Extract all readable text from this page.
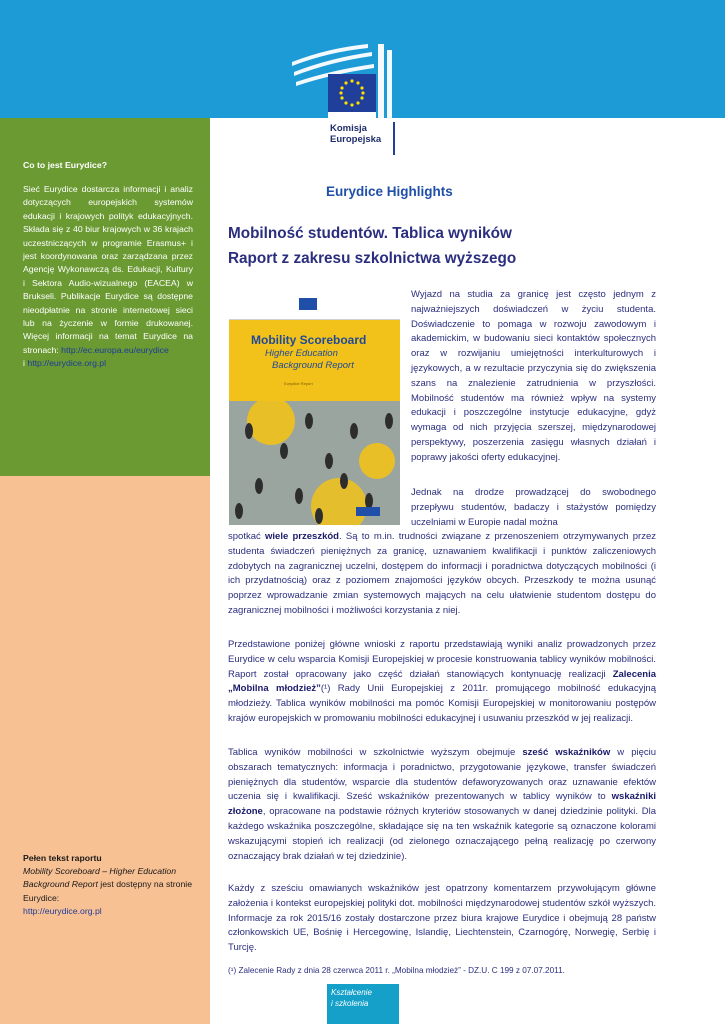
Komisja
Europejska
Co to jest Eurydice?
Sieć Eurydice dostarcza informacji i analiz dotyczących europejskich systemów edukacji i krajowych polityk edukacyjnych. Składa się z 40 biur krajowych w 36 krajach uczestniczących w programie Erasmus+ i jest koordynowana oraz zarządzana przez Agencję Wykonawczą ds. Edukacji, Kultury i Sektora Audio-wizualnego (EACEA) w Brukseli. Publikacje Eurydice są dostępne nieodpłatnie na stronie internetowej sieci lub na życzenie w formie drukowanej. Więcej informacji na temat Eurydice na stronach: http://ec.europa.eu/eurydice
i http://eurydice.org.pl
Pełen tekst raportu
Mobility Scoreboard – Higher Education Background Report jest dostępny na stronie Eurydice:
http://eurydice.org.pl
Eurydice Highlights
Mobilność studentów. Tablica wyników
Raport z zakresu szkolnictwa wyższego
Mobility Scoreboard
Higher Education
Background Report
Eurydice Report
Wyjazd na studia za granicę jest często jednym z najważniejszych doświadczeń w życiu studenta. Doświadczenie to pomaga w rozwoju zawodowym i akademickim, w budowaniu sieci kontaktów społecznych oraz w rozwijaniu umiejętności interkulturowych i językowych, a w rezultacie przyczynia się do zwiększenia szans na znalezienie zatrudnienia w przyszłości. Mobilność studentów ma również wpływ na systemy edukacji i poszczególne instytucje edukacyjne, gdyż wymaga od nich przyjęcia szerszej, międzynarodowej perspektywy, poszerzenia zasięgu własnych działań i poprawy jakości oferty edukacyjnej.
Jednak na drodze prowadzącej do swobodnego przepływu studentów, badaczy i stażystów pomiędzy uczelniami w Europie nadal można
spotkać wiele przeszkód. Są to m.in. trudności związane z przenoszeniem otrzymywanych przez studenta świadczeń pieniężnych za granicę, uznawaniem kwalifikacji i punktów zaliczeniowych zdobytych na zagranicznej uczelni, dostępem do informacji i poradnictwa dotyczących mobilności (i ich przydatnością) oraz z poziomem znajomości języków obcych. Przeszkody te można usunąć poprzez wprowadzanie zmian systemowych mających na celu ułatwienie studentom dostępu do zagranicznej mobilności i możliwości korzystania z niej.
Przedstawione poniżej główne wnioski z raportu przedstawiają wyniki analiz prowadzonych przez Eurydice w celu wsparcia Komisji Europejskiej w procesie konstruowania tablicy wyników mobilności. Raport został opracowany jako część działań stanowiących kontynuację realizacji Zalecenia „Mobilna młodzież”(¹) Rady Unii Europejskiej z 2011r. promującego mobilność edukacyjną młodzieży. Tablica wyników mobilności ma pomóc Komisji Europejskiej w monitorowaniu postępów krajów europejskich w promowaniu mobilności edukacyjnej i usuwaniu przeszkód w jej realizacji.
Tablica wyników mobilności w szkolnictwie wyższym obejmuje sześć wskaźników w pięciu obszarach tematycznych: informacja i poradnictwo, przygotowanie językowe, transfer świadczeń pieniężnych dla studentów, wsparcie dla studentów defaworyzowanych oraz uznawanie efektów uczenia się i kwalifikacji. Sześć wskaźników prezentowanych w tablicy wyników to wskaźniki złożone, opracowane na podstawie różnych kryteriów stosowanych w danej dziedzinie polityki. Dla każdego wskaźnika poszczególne, składające się na ten wskaźnik kategorie są oznaczone kolorami wskazującymi stopień ich realizacji (od zielonego oznaczającego pełną realizację po czerwony oznaczający brak działań w tej dziedzinie).
Każdy z sześciu omawianych wskaźników jest opatrzony komentarzem przywołującym główne założenia i kontekst europejskiej polityki dot. mobilności międzynarodowej studentów szkół wyższych. Informacje za rok 2015/16 zostały dostarczone przez biura krajowe Eurydice i obejmują 28 państw członkowskich UE, Bośnię i Hercegowinę, Islandię, Liechtenstein, Czarnogórę, Norwegię, Serbię i Turcję.
(¹) Zalecenie Rady z dnia 28 czerwca 2011 r. „Mobilna młodzież” - DZ.U. C 199 z 07.07.2011.
Kształcenie
i szkolenia
